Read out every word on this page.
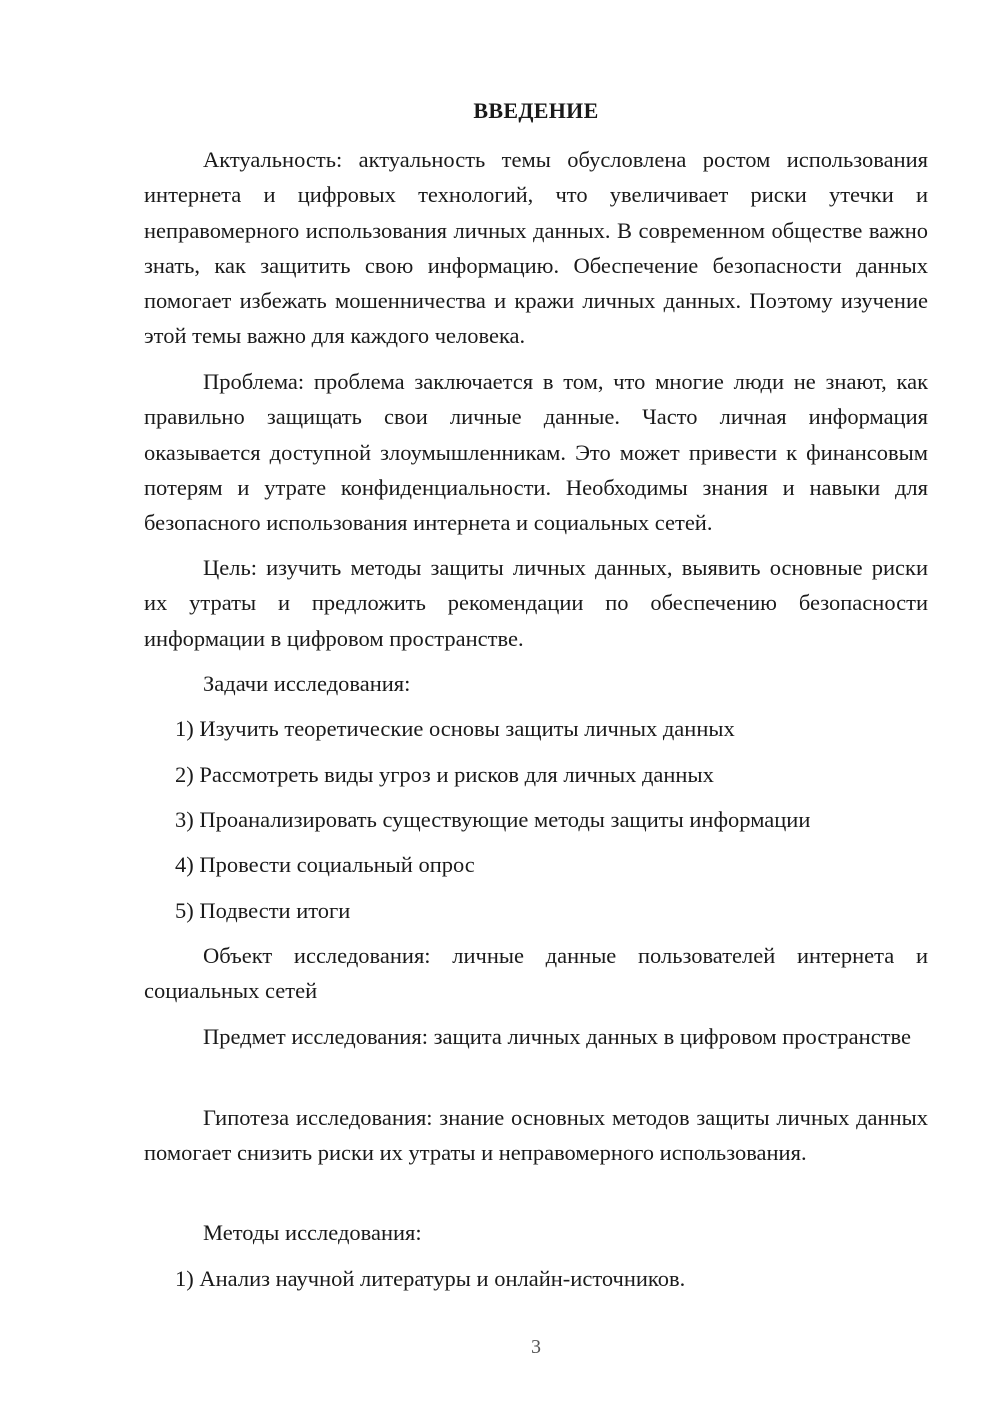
ВВЕДЕНИЕ

Актуальность: актуальность темы обусловлена ростом использования интернета и цифровых технологий, что увеличивает риски утечки и неправомерного использования личных данных. В современном обществе важно знать, как защитить свою информацию. Обеспечение безопасности данных помогает избежать мошенничества и кражи личных данных. Поэтому изучение этой темы важно для каждого человека.

Проблема: проблема заключается в том, что многие люди не знают, как правильно защищать свои личные данные. Часто личная информация оказывается доступной злоумышленникам. Это может привести к финансовым потерям и утрате конфиденциальности. Необходимы знания и навыки для безопасного использования интернета и социальных сетей.

Цель: изучить методы защиты личных данных, выявить основные риски их утраты и предложить рекомендации по обеспечению безопасности информации в цифровом пространстве.

Задачи исследования:

1) Изучить теоретические основы защиты личных данных

2) Рассмотреть виды угроз и рисков для личных данных

3) Проанализировать существующие методы защиты информации

4) Провести социальный опрос

5) Подвести итоги

Объект исследования: личные данные пользователей интернета и социальных сетей

Предмет исследования: защита личных данных в цифровом пространстве

Гипотеза исследования: знание основных методов защиты личных данных помогает снизить риски их утраты и неправомерного использования.

Методы исследования:

1) Анализ научной литературы и онлайн-источников.

3
